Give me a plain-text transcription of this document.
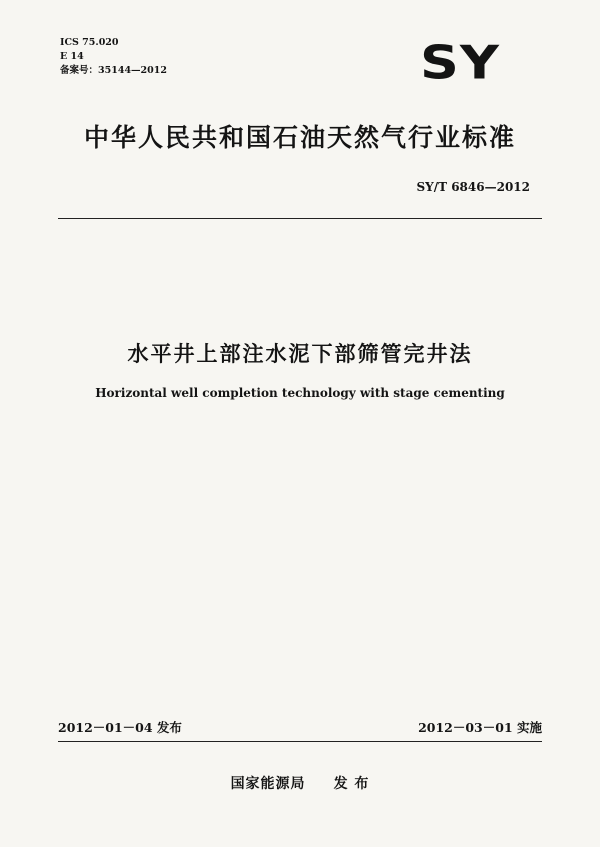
ICS 75.020
E 14
备案号：35144—2012	SY
中华人民共和国石油天然气行业标准
SY/T 6846—2012
水平井上部注水泥下部筛管完井法
Horizontal well completion technology with stage cementing
2012－01－04 发布	2012－03－01 实施
国家能源局 发 布
